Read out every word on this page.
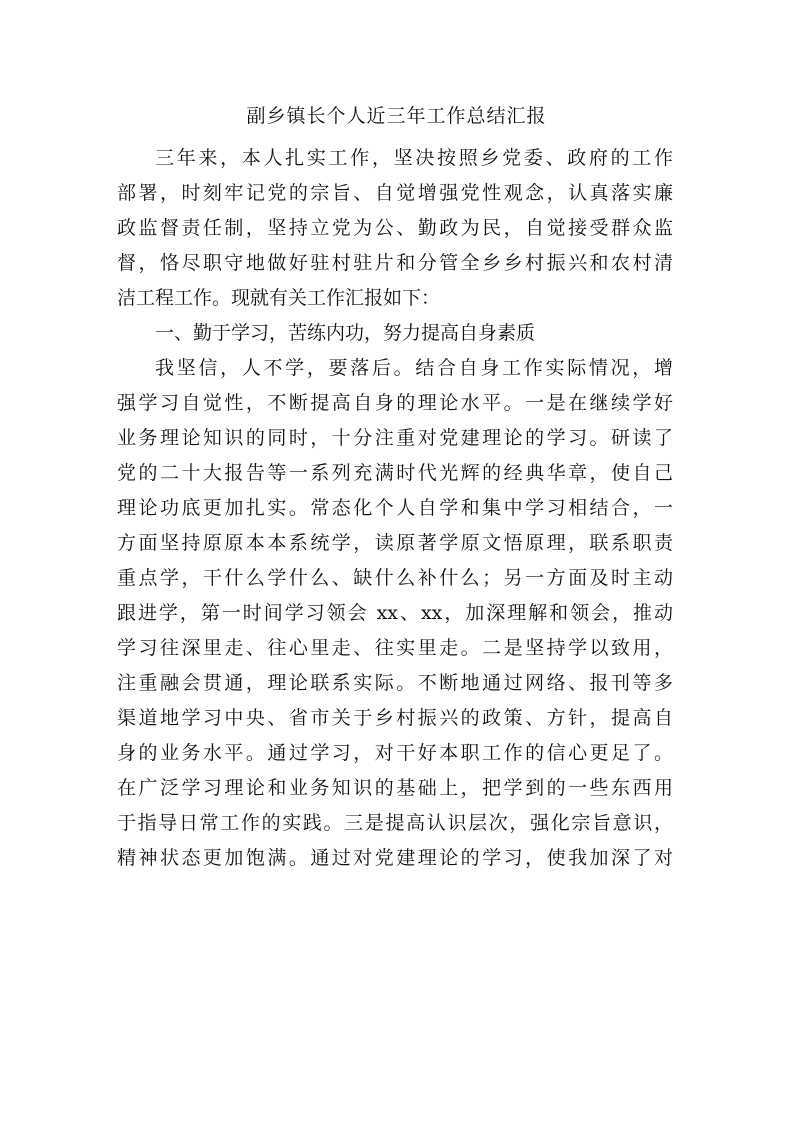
副乡镇长个人近三年工作总结汇报
三年来，本人扎实工作，坚决按照乡党委、政府的工作
部署，时刻牢记党的宗旨、自觉增强党性观念，认真落实廉
政监督责任制，坚持立党为公、勤政为民，自觉接受群众监
督，恪尽职守地做好驻村驻片和分管全乡乡村振兴和农村清
洁工程工作。现就有关工作汇报如下：
一、勤于学习，苦练内功，努力提高自身素质
我坚信，人不学，要落后。结合自身工作实际情况，增
强学习自觉性，不断提高自身的理论水平。一是在继续学好
业务理论知识的同时，十分注重对党建理论的学习。研读了
党的二十大报告等一系列充满时代光辉的经典华章，使自己
理论功底更加扎实。常态化个人自学和集中学习相结合，一
方面坚持原原本本系统学，读原著学原文悟原理，联系职责
重点学，干什么学什么、缺什么补什么；另一方面及时主动
跟进学，第一时间学习领会 xx、xx，加深理解和领会，推动
学习往深里走、往心里走、往实里走。二是坚持学以致用，
注重融会贯通，理论联系实际。不断地通过网络、报刊等多
渠道地学习中央、省市关于乡村振兴的政策、方针，提高自
身的业务水平。通过学习，对干好本职工作的信心更足了。
在广泛学习理论和业务知识的基础上，把学到的一些东西用
于指导日常工作的实践。三是提高认识层次，强化宗旨意识，
精神状态更加饱满。通过对党建理论的学习，使我加深了对
